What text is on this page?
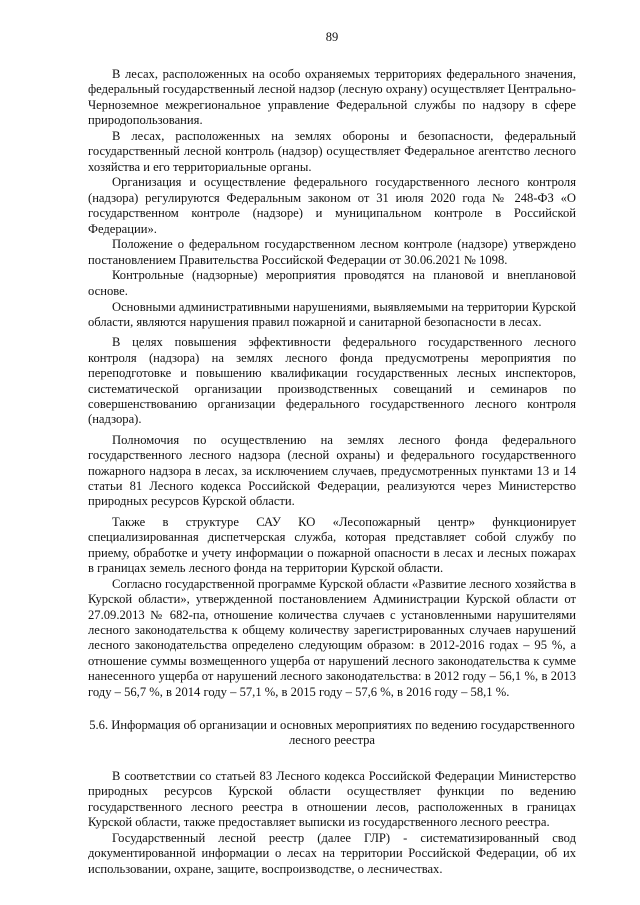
89

В лесах, расположенных на особо охраняемых территориях федерального значения, федеральный государственный лесной надзор (лесную охрану) осуществляет Центрально-Черноземное межрегиональное управление Федеральной службы по надзору в сфере природопользования.

В лесах, расположенных на землях обороны и безопасности, федеральный государственный лесной контроль (надзор) осуществляет Федеральное агентство лесного хозяйства и его территориальные органы.

Организация и осуществление федерального государственного лесного контроля (надзора) регулируются Федеральным законом от 31 июля 2020 года № 248-ФЗ «О государственном контроле (надзоре) и муниципальном контроле в Российской Федерации».

Положение о федеральном государственном лесном контроле (надзоре) утверждено постановлением Правительства Российской Федерации от 30.06.2021 № 1098.

Контрольные (надзорные) мероприятия проводятся на плановой и внеплановой основе.

Основными административными нарушениями, выявляемыми на территории Курской области, являются нарушения правил пожарной и санитарной безопасности в лесах.

В целях повышения эффективности федерального государственного лесного контроля (надзора) на землях лесного фонда предусмотрены мероприятия по переподготовке и повышению квалификации государственных лесных инспекторов, систематической организации производственных совещаний и семинаров по совершенствованию организации федерального государственного лесного контроля (надзора).

Полномочия по осуществлению на землях лесного фонда федерального государственного лесного надзора (лесной охраны) и федерального государственного пожарного надзора в лесах, за исключением случаев, предусмотренных пунктами 13 и 14 статьи 81 Лесного кодекса Российской Федерации, реализуются через Министерство природных ресурсов Курской области.

Также в структуре САУ КО «Лесопожарный центр» функционирует специализированная диспетчерская служба, которая представляет собой службу по приему, обработке и учету информации о пожарной опасности в лесах и лесных пожарах в границах земель лесного фонда на территории Курской области.

Согласно государственной программе Курской области «Развитие лесного хозяйства в Курской области», утвержденной постановлением Администрации Курской области от 27.09.2013 № 682-па, отношение количества случаев с установленными нарушителями лесного законодательства к общему количеству зарегистрированных случаев нарушений лесного законодательства определено следующим образом: в 2012-2016 годах – 95 %, а отношение суммы возмещенного ущерба от нарушений лесного законодательства к сумме нанесенного ущерба от нарушений лесного законодательства: в 2012 году – 56,1 %, в 2013 году – 56,7 %, в 2014 году – 57,1 %, в 2015 году – 57,6 %, в 2016 году – 58,1 %.

5.6. Информация об организации и основных мероприятиях по ведению государственного лесного реестра

В соответствии со статьей 83 Лесного кодекса Российской Федерации Министерство природных ресурсов Курской области осуществляет функции по ведению государственного лесного реестра в отношении лесов, расположенных в границах Курской области, также предоставляет выписки из государственного лесного реестра.

Государственный лесной реестр (далее ГЛР) - систематизированный свод документированной информации о лесах на территории Российской Федерации, об их использовании, охране, защите, воспроизводстве, о лесничествах.
